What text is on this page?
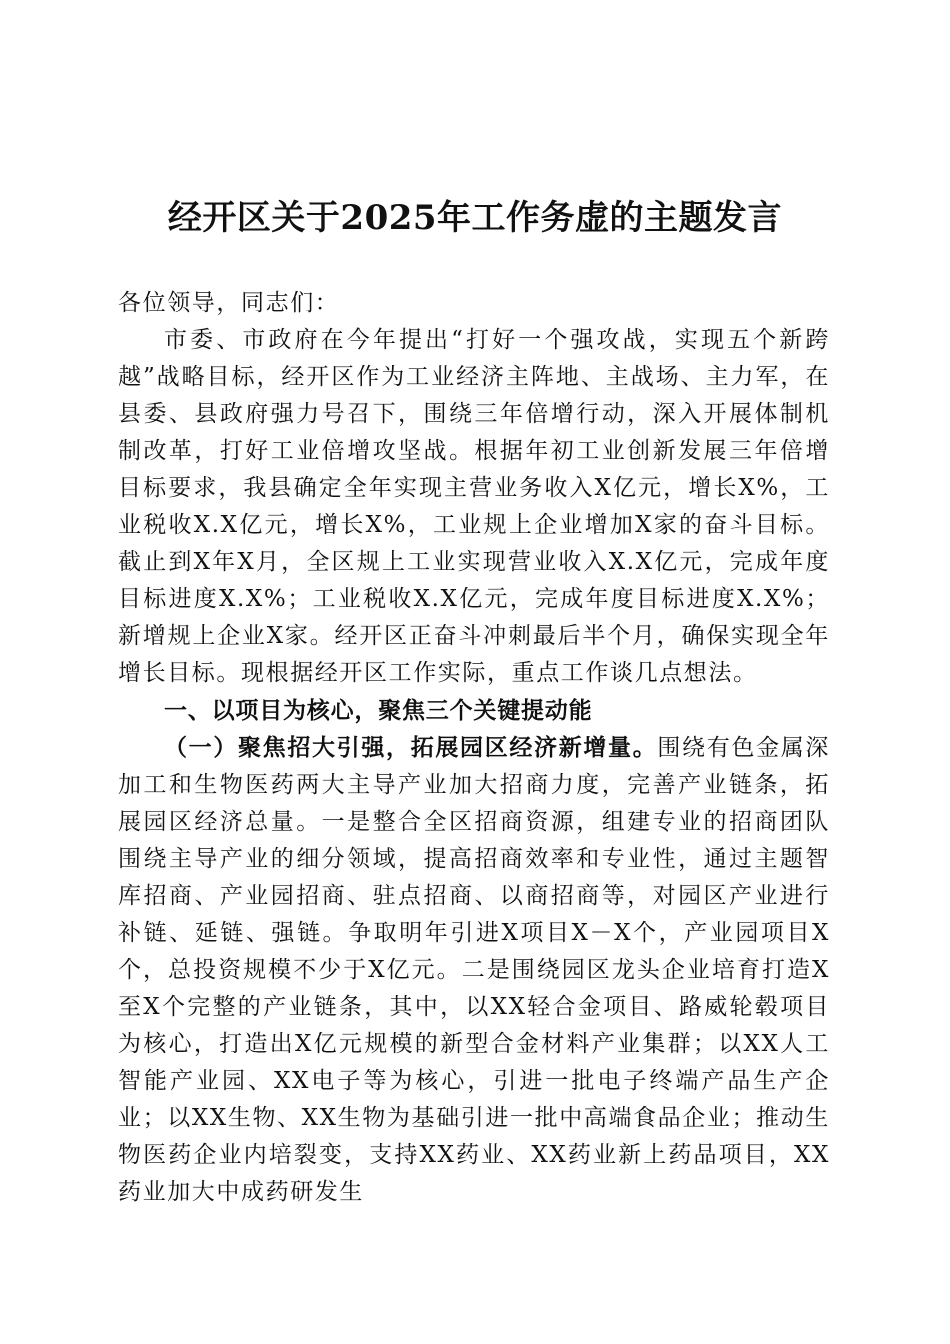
经开区关于2025年工作务虚的主题发言

各位领导，同志们：

市委、市政府在今年提出“打好一个强攻战，实现五个新跨越”战略目标，经开区作为工业经济主阵地、主战场、主力军，在县委、县政府强力号召下，围绕三年倍增行动，深入开展体制机制改革，打好工业倍增攻坚战。根据年初工业创新发展三年倍增目标要求，我县确定全年实现主营业务收入X亿元，增长X%，工业税收X.X亿元，增长X%，工业规上企业增加X家的奋斗目标。截止到X年X月，全区规上工业实现营业收入X.X亿元，完成年度目标进度X.X%；工业税收X.X亿元，完成年度目标进度X.X%；新增规上企业X家。经开区正奋斗冲刺最后半个月，确保实现全年增长目标。现根据经开区工作实际，重点工作谈几点想法。

一、以项目为核心，聚焦三个关键提动能

（一）聚焦招大引强，拓展园区经济新增量。围绕有色金属深加工和生物医药两大主导产业加大招商力度，完善产业链条，拓展园区经济总量。一是整合全区招商资源，组建专业的招商团队围绕主导产业的细分领域，提高招商效率和专业性，通过主题智库招商、产业园招商、驻点招商、以商招商等，对园区产业进行补链、延链、强链。争取明年引进X项目X－X个，产业园项目X个，总投资规模不少于X亿元。二是围绕园区龙头企业培育打造X至X个完整的产业链条，其中，以XX轻合金项目、路威轮毂项目为核心，打造出X亿元规模的新型合金材料产业集群；以XX人工智能产业园、XX电子等为核心，引进一批电子终端产品生产企业；以XX生物、XX生物为基础引进一批中高端食品企业；推动生物医药企业内培裂变，支持XX药业、XX药业新上药品项目，XX药业加大中成药研发生
